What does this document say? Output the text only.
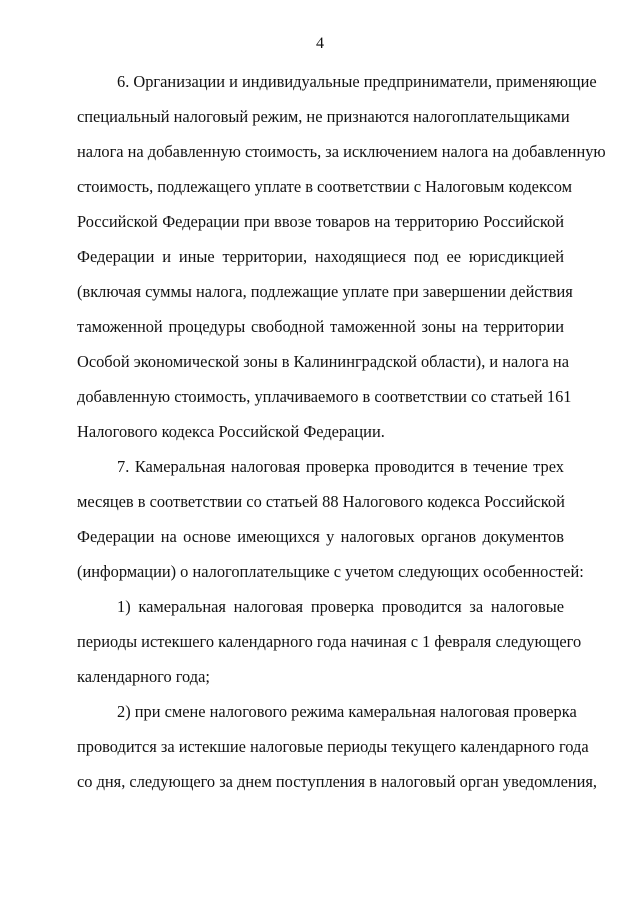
4
6. Организации и индивидуальные предприниматели, применяющие
специальный налоговый режим, не признаются налогоплательщиками
налога на добавленную стоимость, за исключением налога на добавленную
стоимость, подлежащего уплате в соответствии с Налоговым кодексом
Российской Федерации при ввозе товаров на территорию Российской
Федерации и иные территории, находящиеся под ее юрисдикцией
(включая суммы налога, подлежащие уплате при завершении действия
таможенной процедуры свободной таможенной зоны на территории
Особой экономической зоны в Калининградской области), и налога на
добавленную стоимость, уплачиваемого в соответствии со статьей 161
Налогового кодекса Российской Федерации.
7. Камеральная налоговая проверка проводится в течение трех
месяцев в соответствии со статьей 88 Налогового кодекса Российской
Федерации на основе имеющихся у налоговых органов документов
(информации) о налогоплательщике с учетом следующих особенностей:
1) камеральная налоговая проверка проводится за налоговые
периоды истекшего календарного года начиная с 1 февраля следующего
календарного года;
2) при смене налогового режима камеральная налоговая проверка
проводится за истекшие налоговые периоды текущего календарного года
со дня, следующего за днем поступления в налоговый орган уведомления,
